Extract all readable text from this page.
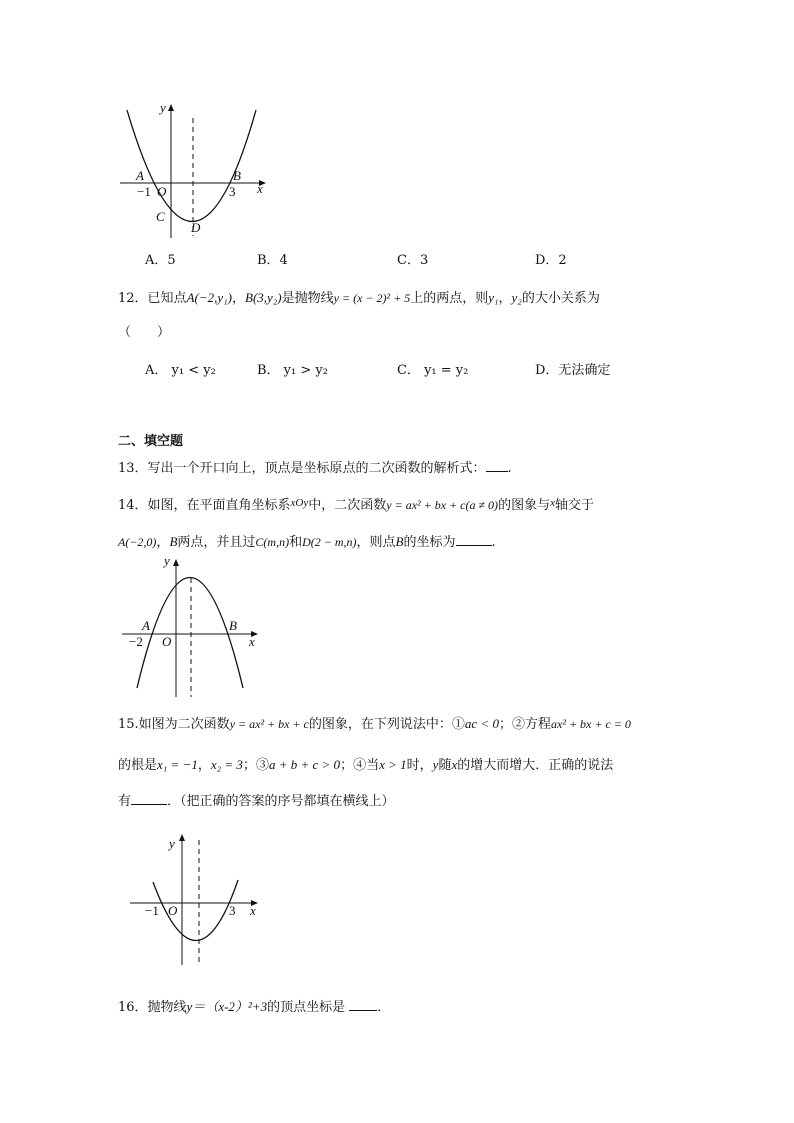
y
x
A	B
−1 O	3
C
D
A．5	B．4	C．3	D．2
12．已知点A(−2,y₁)，B(3,y₂)是抛物线y = (x − 2)² + 5上的两点，则y₁，y₂的大小关系为
（　　）
A． y₁ < y₂	B． y₁ > y₂	C． y₁ = y₂	D．无法确定
二、填空题
13．写出一个开口向上，顶点是坐标原点的二次函数的解析式： .
14．如图，在平面直角坐标系$^{xOy}$中，二次函数y = ax² + bx + c(a ≠ 0)的图象与$^x$轴交于
A(−2,0)，B两点，并且过C(m,n)和D(2 − m,n)，则点B的坐标为	.
y
x
A	B
−2 O
15.如图为二次函数y = ax² + bx + c的图象，在下列说法中：①ac < 0；②方程ax² + bx + c = 0
的根是x₁ = −1，x₂ = 3；③a + b + c > 0；④当x > 1时，y随x的增大而增大．正确的说法
有	．（把正确的答案的序号都填在横线上）
y
x
−1 O	3
16．抛物线y＝（x-2）²+3的顶点坐标是 ．
